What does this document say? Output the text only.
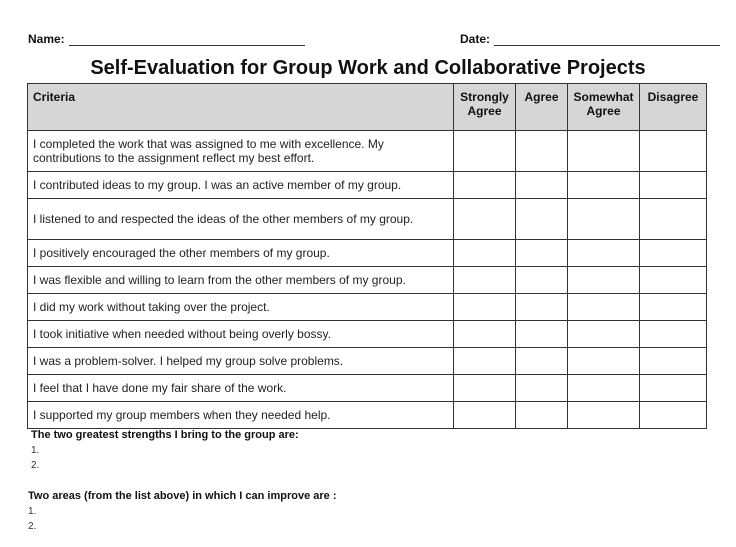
Name:	Date:
Self-Evaluation for Group Work and Collaborative Projects
Criteria	Strongly Agree	Agree	Somewhat Agree	Disagree
I completed the work that was assigned to me with excellence. My contributions to the assignment reflect my best effort.				
I contributed ideas to my group. I was an active member of my group.				
I listened to and respected the ideas of the other members of my group.				
I positively encouraged the other members of my group.				
I was flexible and willing to learn from the other members of my group.				
I did my work without taking over the project.				
I took initiative when needed without being overly bossy.				
I was a problem-solver. I helped my group solve problems.				
I feel that I have done my fair share of the work.				
I supported my group members when they needed help.				
The two greatest strengths I bring to the group are:
1.
2.
Two areas (from the list above) in which I can improve are :
1.
2.
